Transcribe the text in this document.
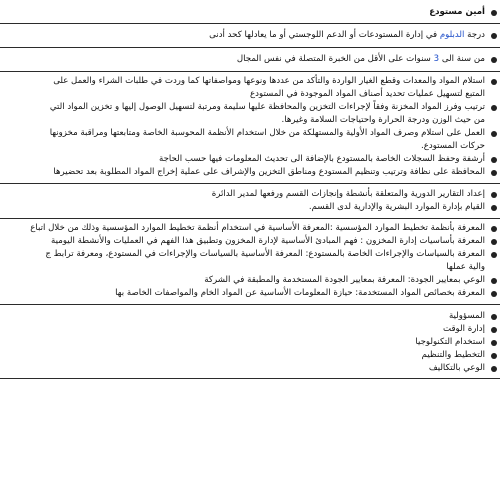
أمين مستودع
درجة الدبلوم في إدارة المستودعات أو الدعم اللوجستي أو ما يعادلها كحد أدنى
من سنة الى 3 سنوات على الأقل من الخبرة المتصلة في نفس المجال
استلام المواد والمعدات وقطع الغيار الواردة والتأكد من عددها ونوعها ومواصفاتها كما وردت في طلبات الشراء والعمل على
المتبع لتسهيل عمليات تحديد أصناف المواد الموجودة في المستودع
ترتيب وفرز المواد المخزنة وفقاً لإجراءات التخزين والمحافظة عليها سليمة ومرتبة لتسهيل الوصول إليها و تخزين المواد التي
من حيث الوزن ودرجة الحرارة واحتياجات السلامة وغيرها.
العمل على استلام وصرف المواد الأولية والمستهلكة من خلال استخدام الأنظمة المحوسبة الخاصة ومتابعتها ومراقبة مخزونها
حركات المستودع.
أرشفة وحفظ السجلات الخاصة بالمستودع بالإضافة الى تحديث المعلومات فيها حسب الحاجة
المحافظة على نظافة وترتيب وتنظيم المستودع ومناطق التخزين والإشراف على عملية إخراج المواد المطلوبة بعد تحضيرها
إعداد التقارير الدورية والمتعلقة بأنشطة وإنجازات القسم ورفعها لمدير الدائرة
القيام بإدارة الموارد البشرية والإدارية لدى القسم.
المعرفة بأنظمة تخطيط الموارد المؤسسية :المعرفة الأساسية في استخدام أنظمة تخطيط الموارد المؤسسية وذلك من خلال اتباع
المعرفة بأساسيات إدارة المخزون : فهم المبادئ الأساسية لإدارة المخزون وتطبيق هذا الفهم في العمليات والأنشطة اليومية
المعرفة بالسياسات والإجراءات الخاصة بالمستودع: المعرفة الأساسية بالسياسات والإجراءات في المستودع، ومعرفة ترابط ج
والية عملها
الوعي بمعايير الجودة: المعرفة بمعايير الجودة المستخدمة والمطبقة في الشركة
المعرفة بخصائص المواد المستخدمة: حيازة المعلومات الأساسية عن المواد الخام والمواصفات الخاصة بها
المسؤولية
إدارة الوقت
استخدام التكنولوجيا
التخطيط والتنظيم
الوعي بالتكاليف
